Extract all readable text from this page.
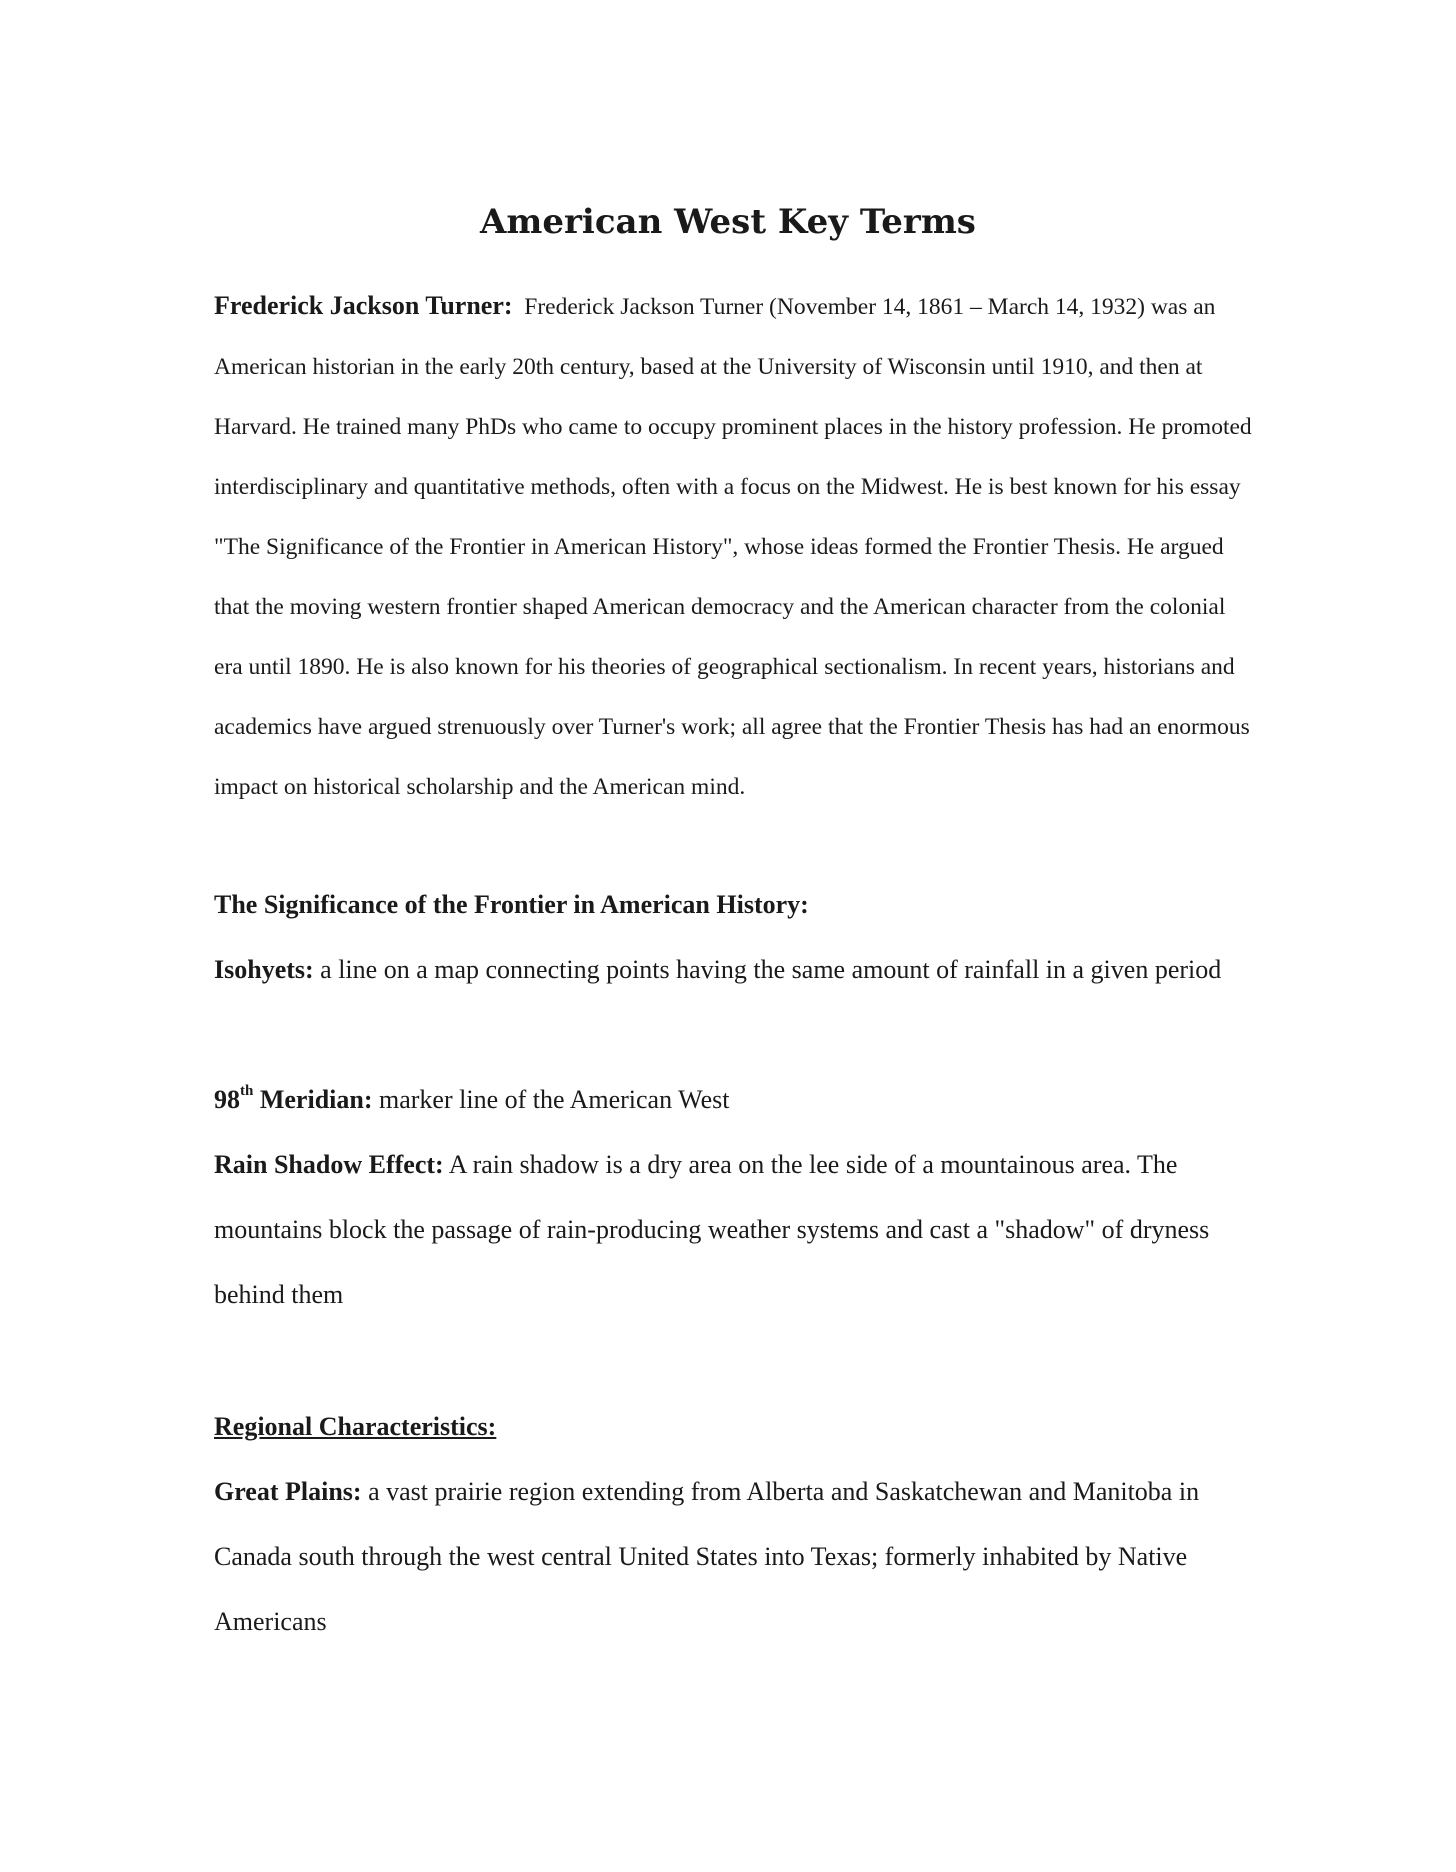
American West Key Terms

Frederick Jackson Turner: Frederick Jackson Turner (November 14, 1861 – March 14, 1932) was an American historian in the early 20th century, based at the University of Wisconsin until 1910, and then at Harvard. He trained many PhDs who came to occupy prominent places in the history profession. He promoted interdisciplinary and quantitative methods, often with a focus on the Midwest. He is best known for his essay "The Significance of the Frontier in American History", whose ideas formed the Frontier Thesis. He argued that the moving western frontier shaped American democracy and the American character from the colonial era until 1890. He is also known for his theories of geographical sectionalism. In recent years, historians and academics have argued strenuously over Turner's work; all agree that the Frontier Thesis has had an enormous impact on historical scholarship and the American mind.

The Significance of the Frontier in American History:

Isohyets: a line on a map connecting points having the same amount of rainfall in a given period

98th Meridian: marker line of the American West

Rain Shadow Effect: A rain shadow is a dry area on the lee side of a mountainous area. The mountains block the passage of rain-producing weather systems and cast a "shadow" of dryness behind them

Regional Characteristics:

Great Plains: a vast prairie region extending from Alberta and Saskatchewan and Manitoba in Canada south through the west central United States into Texas; formerly inhabited by Native Americans
